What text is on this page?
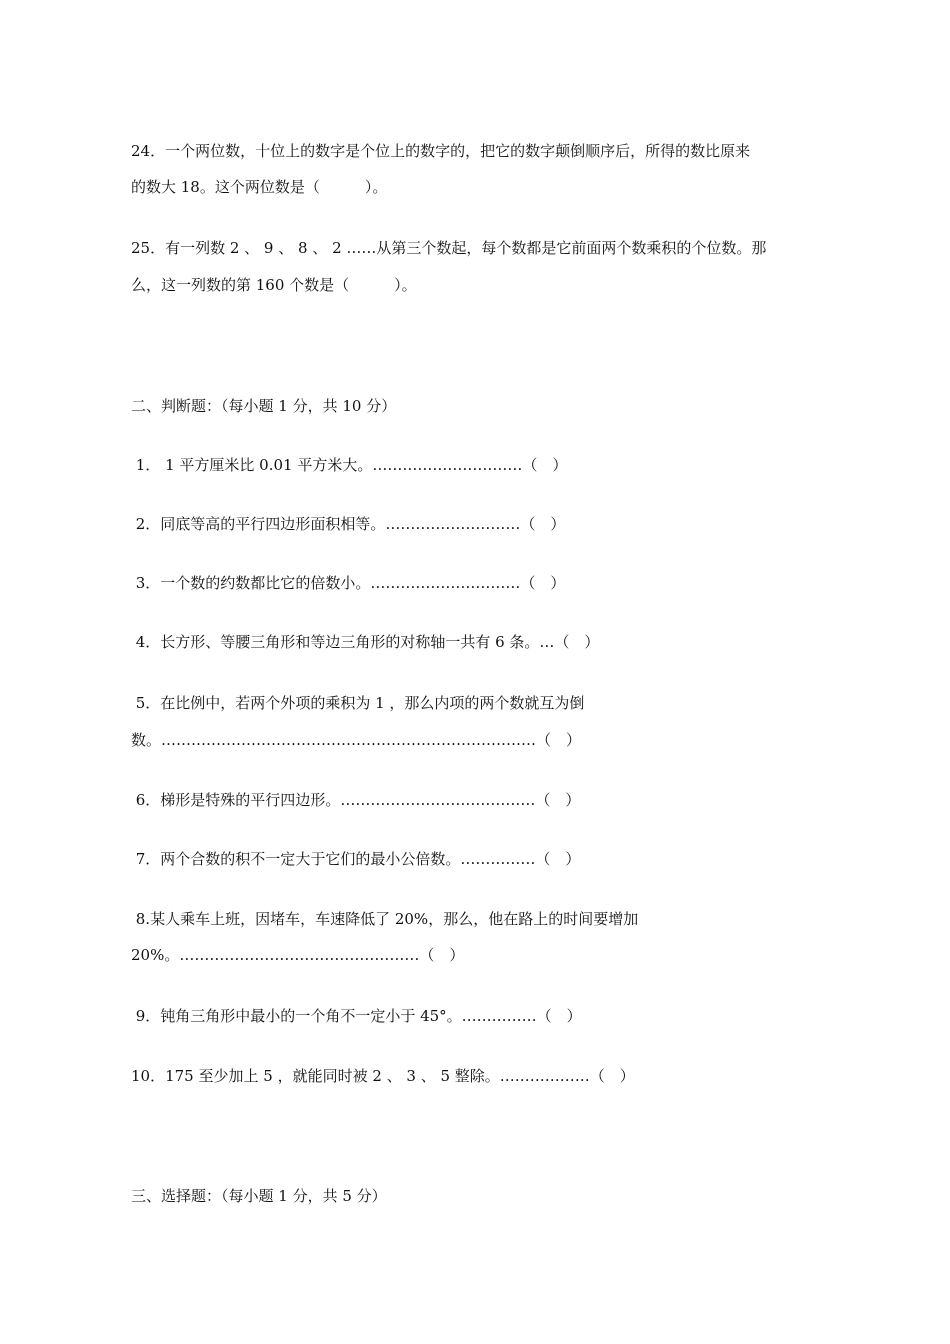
24．一个两位数，十位上的数字是个位上的数字的，把它的数字颠倒顺序后，所得的数比原来
的数大 18。这个两位数是（　　　）。
25．有一列数 2 、 9 、 8 、 2 ……从第三个数起，每个数都是它前面两个数乘积的个位数。那
么，这一列数的第 160 个数是（　　　）。
二、判断题：（每小题 1 分，共 10 分）
1． 1 平方厘米比 0.01 平方米大。…………………………（　）
2．同底等高的平行四边形面积相等。………………………（　）
3．一个数的约数都比它的倍数小。…………………………（　）
4．长方形、等腰三角形和等边三角形的对称轴一共有 6 条。…（　）
5．在比例中，若两个外项的乘积为 1 ，那么内项的两个数就互为倒
数。…………………………………………………………………（　）
6．梯形是特殊的平行四边形。…………………………………（　）
7．两个合数的积不一定大于它们的最小公倍数。……………（　）
8.某人乘车上班，因堵车，车速降低了 20%，那么，他在路上的时间要增加
20%。…………………………………………（　）
9．钝角三角形中最小的一个角不一定小于 45°。……………（　）
10．175 至少加上 5 ，就能同时被 2 、 3 、 5 整除。………………（　）
三、选择题：（每小题 1 分，共 5 分）
